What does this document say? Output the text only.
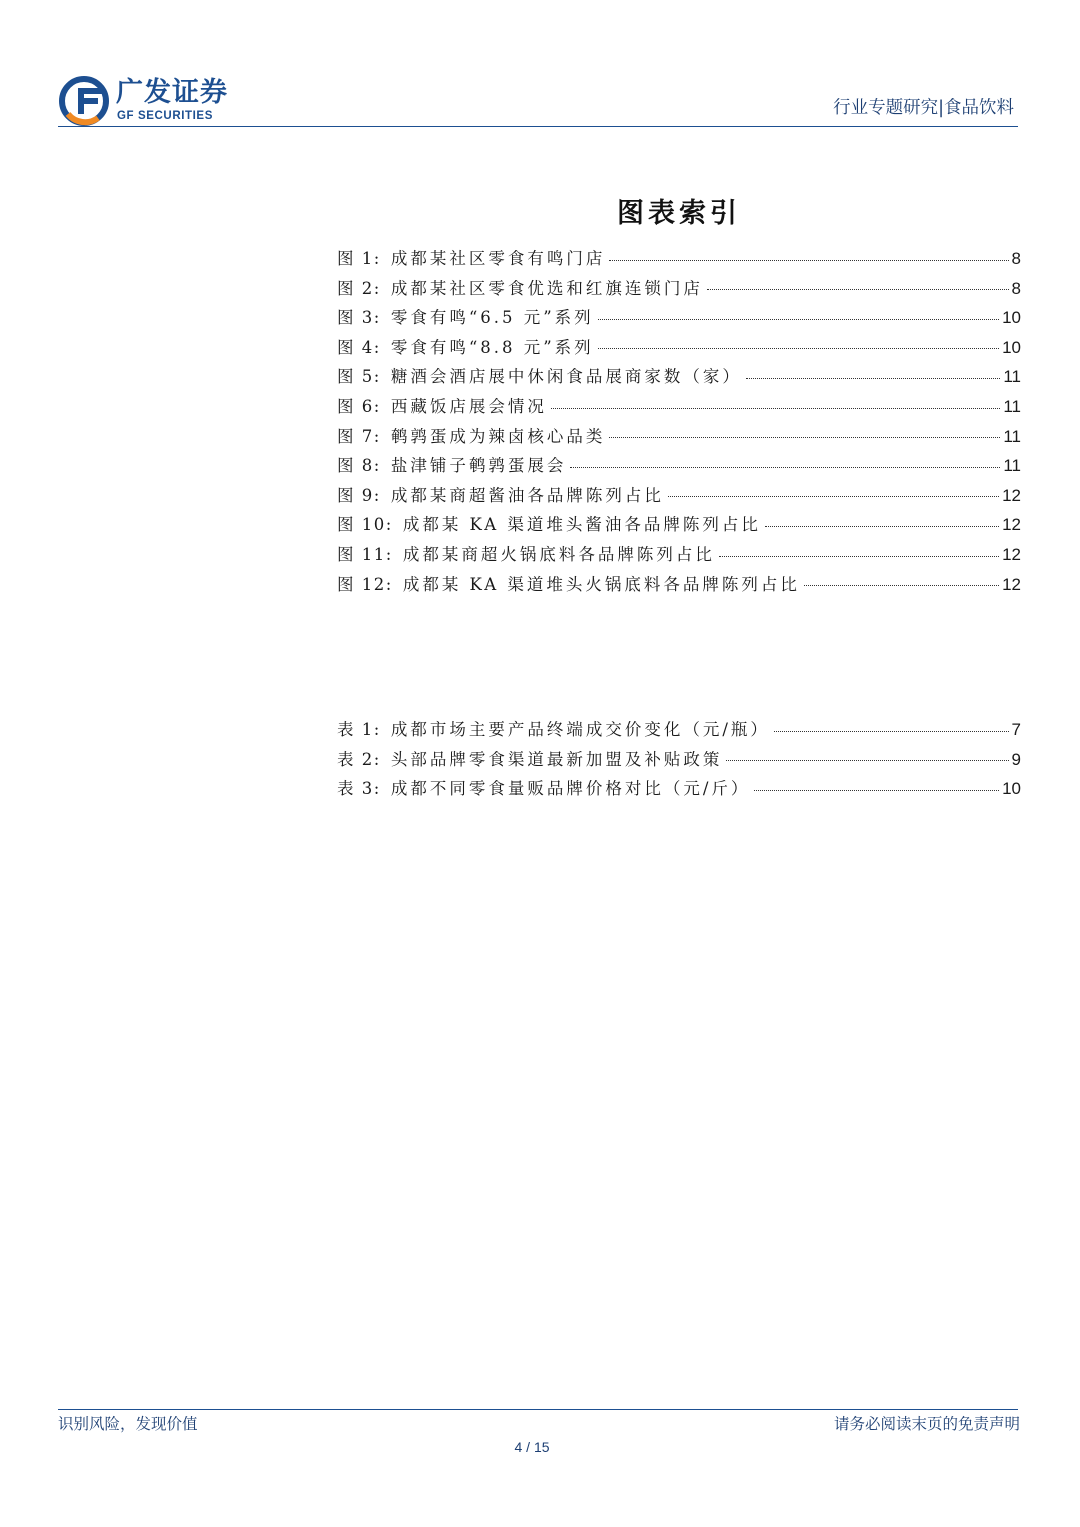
广发证券
GF SECURITIES	行业专题研究|食品饮料
图表索引
图 1: 成都某社区零食有鸣门店	8
图 2: 成都某社区零食优选和红旗连锁门店	8
图 3: 零食有鸣“6.5 元”系列	10
图 4: 零食有鸣“8.8 元”系列	10
图 5: 糖酒会酒店展中休闲食品展商家数（家）	11
图 6: 西藏饭店展会情况	11
图 7: 鹌鹑蛋成为辣卤核心品类	11
图 8: 盐津铺子鹌鹑蛋展会	11
图 9: 成都某商超酱油各品牌陈列占比	12
图 10: 成都某 KA 渠道堆头酱油各品牌陈列占比	12
图 11: 成都某商超火锅底料各品牌陈列占比	12
图 12: 成都某 KA 渠道堆头火锅底料各品牌陈列占比	12
表 1: 成都市场主要产品终端成交价变化（元/瓶）	7
表 2: 头部品牌零食渠道最新加盟及补贴政策	9
表 3: 成都不同零食量贩品牌价格对比（元/斤）	10
识别风险，发现价值	请务必阅读末页的免责声明
4 / 15
